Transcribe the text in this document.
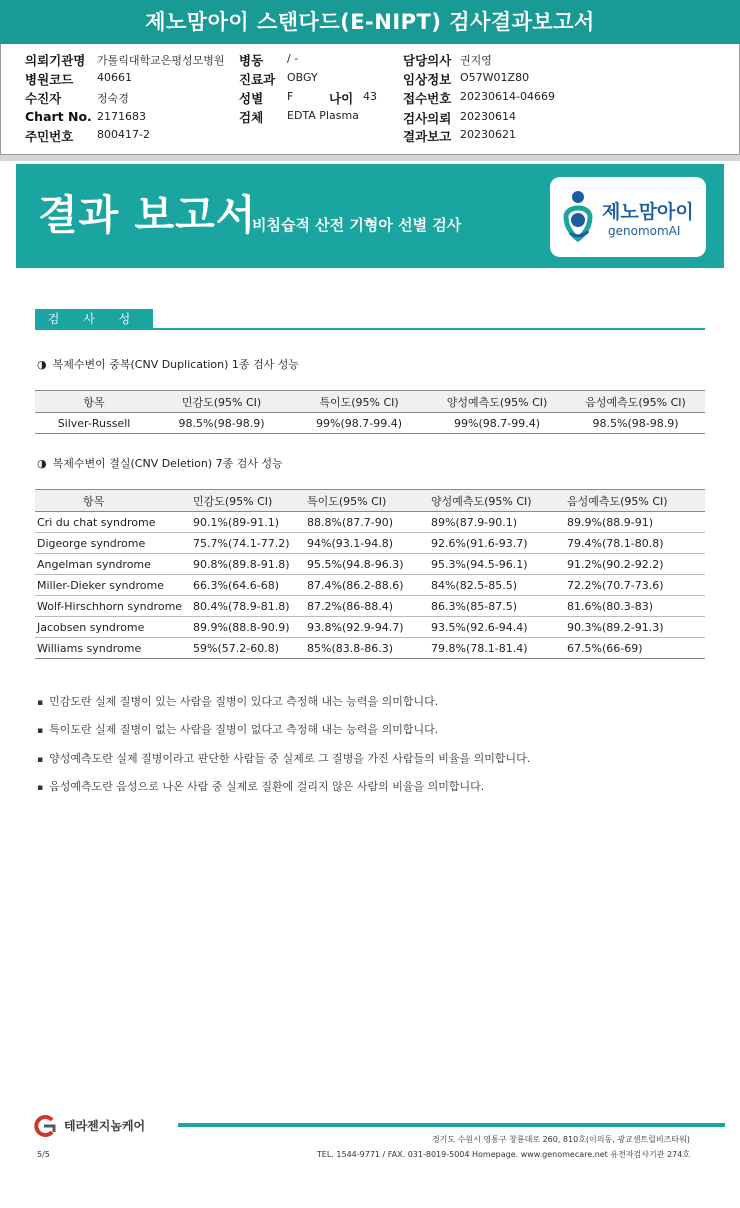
제노맘아이 스탠다드(E-NIPT) 검사결과보고서
의뢰기관명 가톨릭대학교은평성모병원
병원코드 40661
수진자	정숙경
Chart No. 2171683
주민번호 800417-2
병동 / -
진료과 OBGY
성별 F	나이 43
검체 EDTA Plasma
담당의사 권지영
임상정보 O57W01Z80
접수번호 20230614-04669
검사의뢰 20230614
결과보고 20230621
결과 보고서
비침습적 산전 기형아 선별 검사
제노맘아이
genomomAI
검 사 성 능
◑ 복제수변이 중복(CNV Duplication) 1종 검사 성능
항목	민감도(95% CI)	특이도(95% CI)	양성예측도(95% CI)	음성예측도(95% CI)
Silver-Russell	98.5%(98-98.9)	99%(98.7-99.4)	99%(98.7-99.4)	98.5%(98-98.9)
◑ 복제수변이 결실(CNV Deletion) 7종 검사 성능
항목	민감도(95% CI)	특이도(95% CI)	양성예측도(95% CI)	음성예측도(95% CI)
Cri du chat syndrome	90.1%(89-91.1)	88.8%(87.7-90)	89%(87.9-90.1)	89.9%(88.9-91)
Digeorge syndrome	75.7%(74.1-77.2)	94%(93.1-94.8)	92.6%(91.6-93.7)	79.4%(78.1-80.8)
Angelman syndrome	90.8%(89.8-91.8)	95.5%(94.8-96.3)	95.3%(94.5-96.1)	91.2%(90.2-92.2)
Miller-Dieker syndrome	66.3%(64.6-68)	87.4%(86.2-88.6)	84%(82.5-85.5)	72.2%(70.7-73.6)
Wolf-Hirschhorn syndrome	80.4%(78.9-81.8)	87.2%(86-88.4)	86.3%(85-87.5)	81.6%(80.3-83)
Jacobsen syndrome	89.9%(88.8-90.9)	93.8%(92.9-94.7)	93.5%(92.6-94.4)	90.3%(89.2-91.3)
Williams syndrome	59%(57.2-60.8)	85%(83.8-86.3)	79.8%(78.1-81.4)	67.5%(66-69)
▪ 민감도란 실제 질병이 있는 사람을 질병이 있다고 측정해 내는 능력을 의미합니다.
▪ 특이도란 실제 질병이 없는 사람을 질병이 없다고 측정해 내는 능력을 의미합니다.
▪ 양성예측도란 실제 질병이라고 판단한 사람들 중 실제로 그 질병을 가진 사람들의 비율을 의미합니다.
▪ 음성예측도란 음성으로 나온 사람 중 실제로 질환에 걸리지 않은 사람의 비율을 의미합니다.
테라젠지놈케어
경기도 수원시 영통구 창룡대로 260, 810호(이의동, 광교센트럴비즈타워)
TEL. 1544-9771 / FAX. 031-8019-5004 Homepage. www.genomecare.net 유전자검사기관 274호
5/5
